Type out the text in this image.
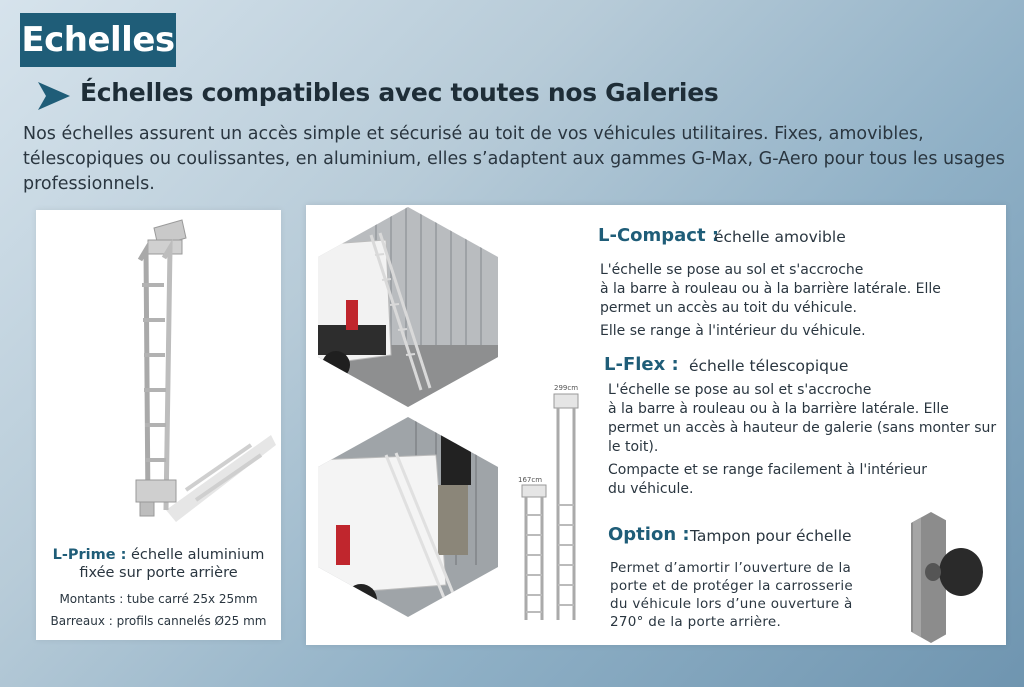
Echelles
Échelles compatibles avec toutes nos Galeries
Nos échelles assurent un accès simple et sécurisé au toit de vos véhicules utilitaires. Fixes, amovibles,
télescopiques ou coulissantes, en aluminium, elles s’adaptent aux gammes G-Max, G-Aero pour tous les usages
professionnels.
L-Prime : échelle aluminium
fixée sur porte arrière
Montants : tube carré 25x 25mm
Barreaux : profils cannelés Ø25 mm
299cm
167cm
L-Compact :
échelle amovible

L'échelle se pose au sol et s'accroche

à la barre à rouleau ou à la barrière latérale. Elle

permet un accès au toit du véhicule.

Elle se range à l'intérieur du véhicule.

L-Flex : échelle télescopique

L'échelle se pose au sol et s'accroche

à la barre à rouleau ou à la barrière latérale. Elle

permet un accès à hauteur de galerie (sans monter sur

le toit).

Compacte et se range facilement à l'intérieur

du véhicule.

Option : Tampon pour échelle

Permet d’amortir l’ouverture de la

porte et de protéger la carrosserie

du véhicule lors d’une ouverture à

270° de la porte arrière.
